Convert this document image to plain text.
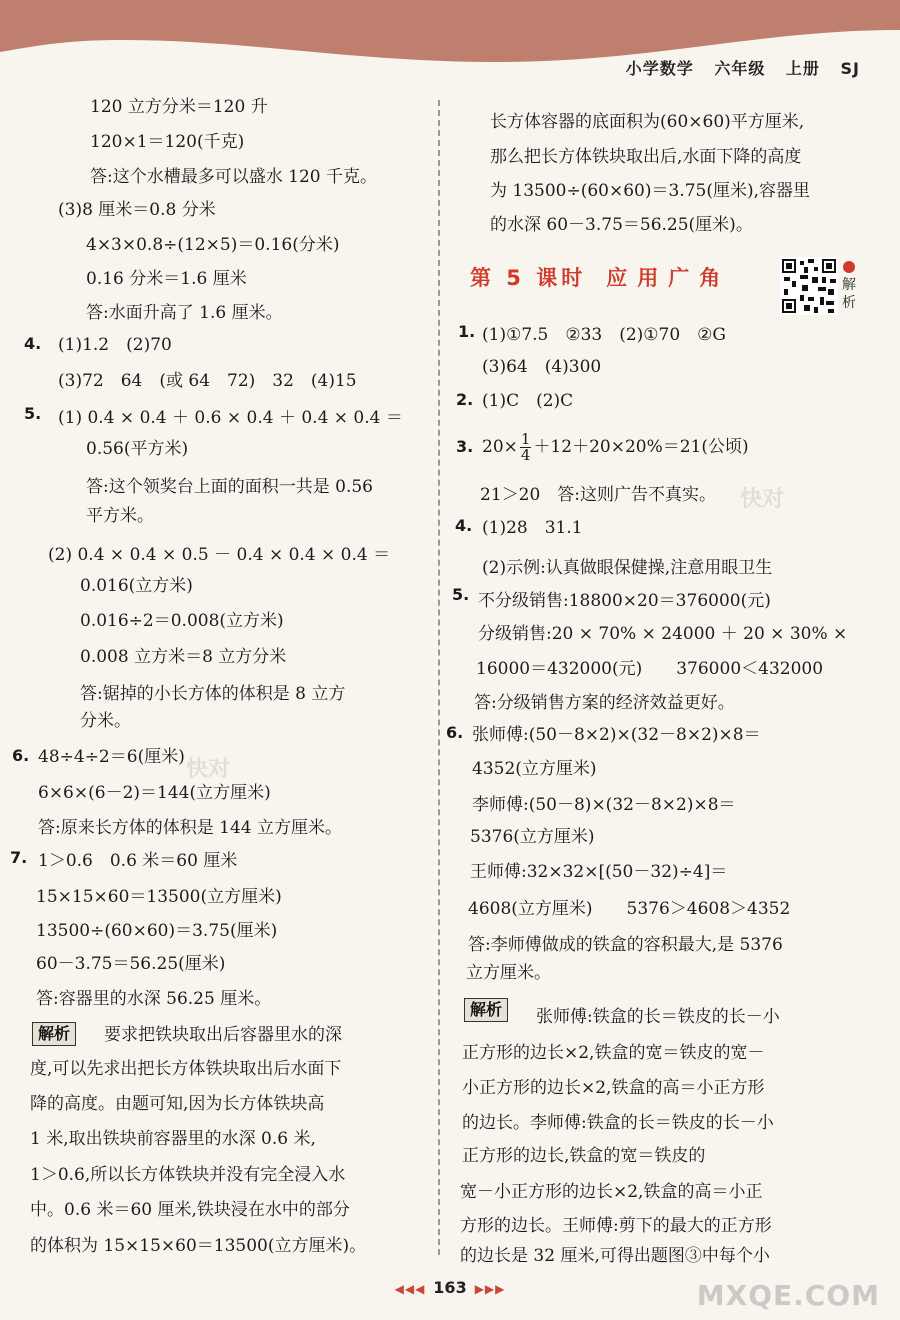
小学数学 六年级 上册 SJ
120 立方分米＝120 升
120×1＝120(千克)
答:这个水槽最多可以盛水 120 千克。
(3)8 厘米＝0.8 分米
4×3×0.8÷(12×5)＝0.16(分米)
0.16 分米＝1.6 厘米
答:水面升高了 1.6 厘米。
4. (1)1.2　(2)70
(3)72　64　(或 64　72)　32　(4)15
5. (1) 0.4 × 0.4 ＋ 0.6 × 0.4 ＋ 0.4 × 0.4 ＝
0.56(平方米)
答:这个领奖台上面的面积一共是 0.56
平方米。
(2) 0.4 × 0.4 × 0.5 － 0.4 × 0.4 × 0.4 ＝
0.016(立方米)
0.016÷2＝0.008(立方米)
0.008 立方米＝8 立方分米
答:锯掉的小长方体的体积是 8 立方
分米。
6. 48÷4÷2＝6(厘米)
6×6×(6－2)＝144(立方厘米)
答:原来长方体的体积是 144 立方厘米。
7. 1＞0.6　0.6 米＝60 厘米
15×15×60＝13500(立方厘米)
13500÷(60×60)＝3.75(厘米)
60－3.75＝56.25(厘米)
答:容器里的水深 56.25 厘米。
解析	要求把铁块取出后容器里水的深
度,可以先求出把长方体铁块取出后水面下
降的高度。由题可知,因为长方体铁块高
1 米,取出铁块前容器里的水深 0.6 米,
1＞0.6,所以长方体铁块并没有完全浸入水
中。0.6 米＝60 厘米,铁块浸在水中的部分
的体积为 15×15×60＝13500(立方厘米)。
长方体容器的底面积为(60×60)平方厘米,
那么把长方体铁块取出后,水面下降的高度
为 13500÷(60×60)＝3.75(厘米),容器里
的水深 60－3.75＝56.25(厘米)。
第 5 课时 应用广角	解析
1. (1)①7.5　②33　(2)①70　②G
(3)64　(4)300
2. (1)C　(2)C
3. $20\times \frac{1}{4} +12+20\times 20\%=21$(公顷)
21＞20　答:这则广告不真实。
4. (1)28　31.1
(2)示例:认真做眼保健操,注意用眼卫生
5. 不分级销售:18800×20＝376000(元)
分级销售:20 × 70% × 24000 ＋ 20 × 30% ×
16000＝432000(元)　　376000＜432000
答:分级销售方案的经济效益更好。
6. 张师傅:(50－8×2)×(32－8×2)×8＝
4352(立方厘米)
李师傅:(50－8)×(32－8×2)×8＝
5376(立方厘米)
王师傅:32×32×[(50－32)÷4]＝
4608(立方厘米)　　5376＞4608＞4352
答:李师傅做成的铁盒的容积最大,是 5376
立方厘米。
解析	张师傅:铁盒的长＝铁皮的长－小
正方形的边长×2,铁盒的宽＝铁皮的宽－
小正方形的边长×2,铁盒的高＝小正方形
的边长。李师傅:铁盒的长＝铁皮的长－小
正方形的边长,铁盒的宽＝铁皮的
宽－小正方形的边长×2,铁盒的高＝小正
方形的边长。王师傅:剪下的最大的正方形
的边长是 32 厘米,可得出题图③中每个小
快对
快对
◀◀◀ 163 ▶▶▶	MXQE.COM
